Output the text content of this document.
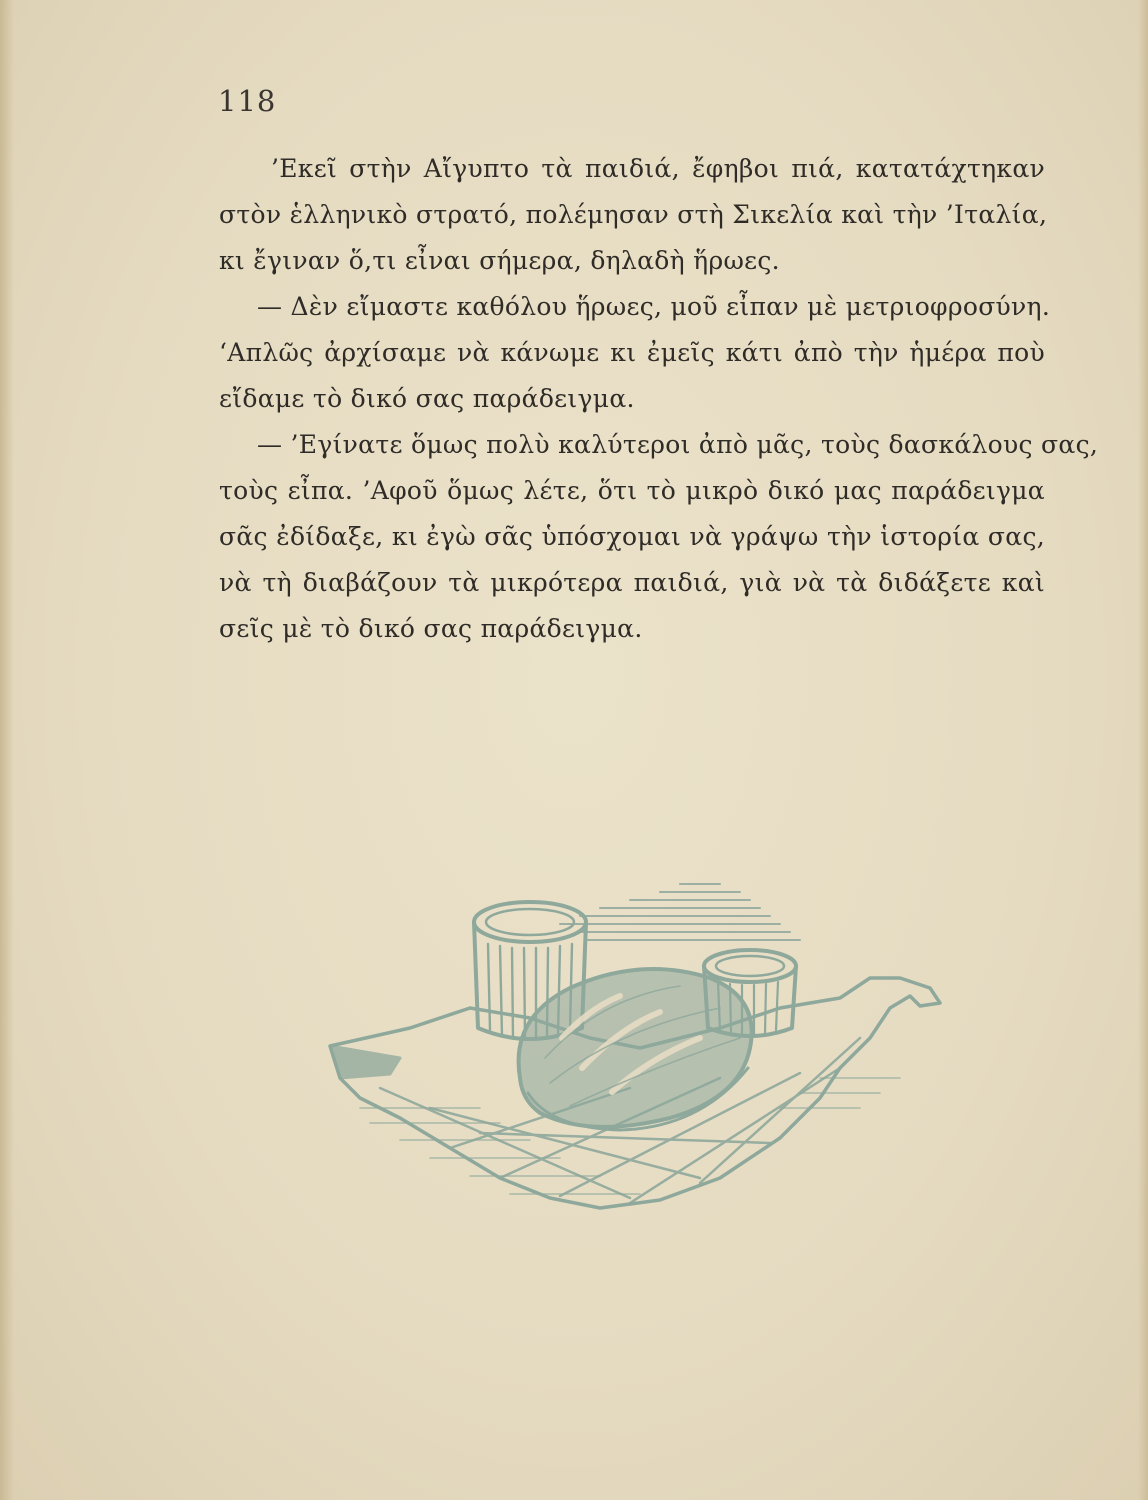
118
’Εκεῖ στὴν Αἴγυπτο τὰ παιδιά, ἔφηβοι πιά, κατατάχτηκαν
στὸν ἑλληνικὸ στρατό, πολέμησαν στὴ Σικελία καὶ τὴν ’Ιταλία,
κι ἔγιναν ὅ,τι εἶναι σήμερα, δηλαδὴ ἥρωες.
— Δὲν εἴμαστε καθόλου ἥρωες, μοῦ εἶπαν μὲ μετριοφροσύνη.
‘Απλῶς ἀρχίσαμε νὰ κάνωμε κι ἐμεῖς κάτι ἀπὸ τὴν ἡμέρα ποὺ
εἴδαμε τὸ δικό σας παράδειγμα.
— ’Εγίνατε ὅμως πολὺ καλύτεροι ἀπὸ μᾶς, τοὺς δασκάλους σας,
τοὺς εἶπα. ’Αφοῦ ὅμως λέτε, ὅτι τὸ μικρὸ δικό μας παράδειγμα
σᾶς ἐδίδαξε, κι ἐγὼ σᾶς ὑπόσχομαι νὰ γράψω τὴν ἱστορία σας,
νὰ τὴ διαβάζουν τὰ μικρότερα παιδιά, γιὰ νὰ τὰ διδάξετε καὶ
σεῖς μὲ τὸ δικό σας παράδειγμα.
